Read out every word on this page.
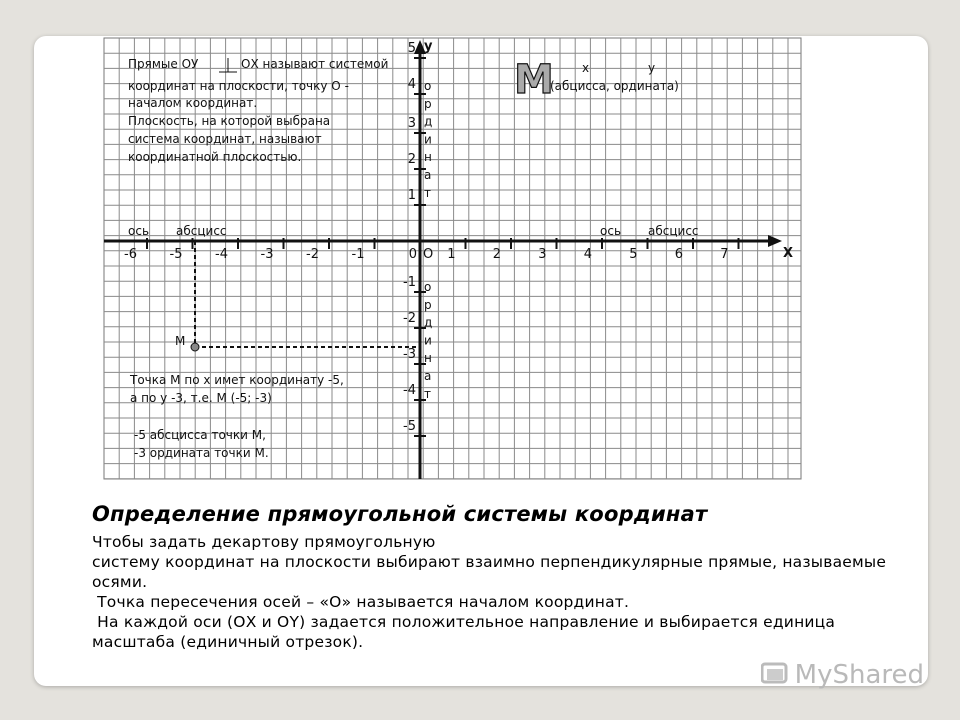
у
Х
О
Прямые ОУ	ОХ называют системой
координат на плоскости, точку О -
началом координат.
Плоскость, на которой выбрана
система координат, называют
координатной плоскостью.
М х	у
(абцисса, ордината)
ось абсцисс	ось абсцисс
-6	-5	-4	-3	-2	-1	1	2	3	4	5	6	7
0
5
4
3
2
1
-1
-2
-3
-4
-5
о
р
д
и
н
а
т
о
р
д
и
н
а
т
М
Точка М по х имет координату -5,
а по у -3, т.е. М (-5; -3)
-5 абсцисса точки М,
-3 ордината точки М.
Определение прямоугольной системы координат

Чтобы задать декартову прямоугольную

систему координат на плоскости выбирают взаимно перпендикулярные прямые, называемые осями.

Точка пересечения осей – «О» называется началом координат.

На каждой оси (ОХ и ОY) задается положительное направление и выбирается единица масштаба (единичный отрезок).

MyShared
